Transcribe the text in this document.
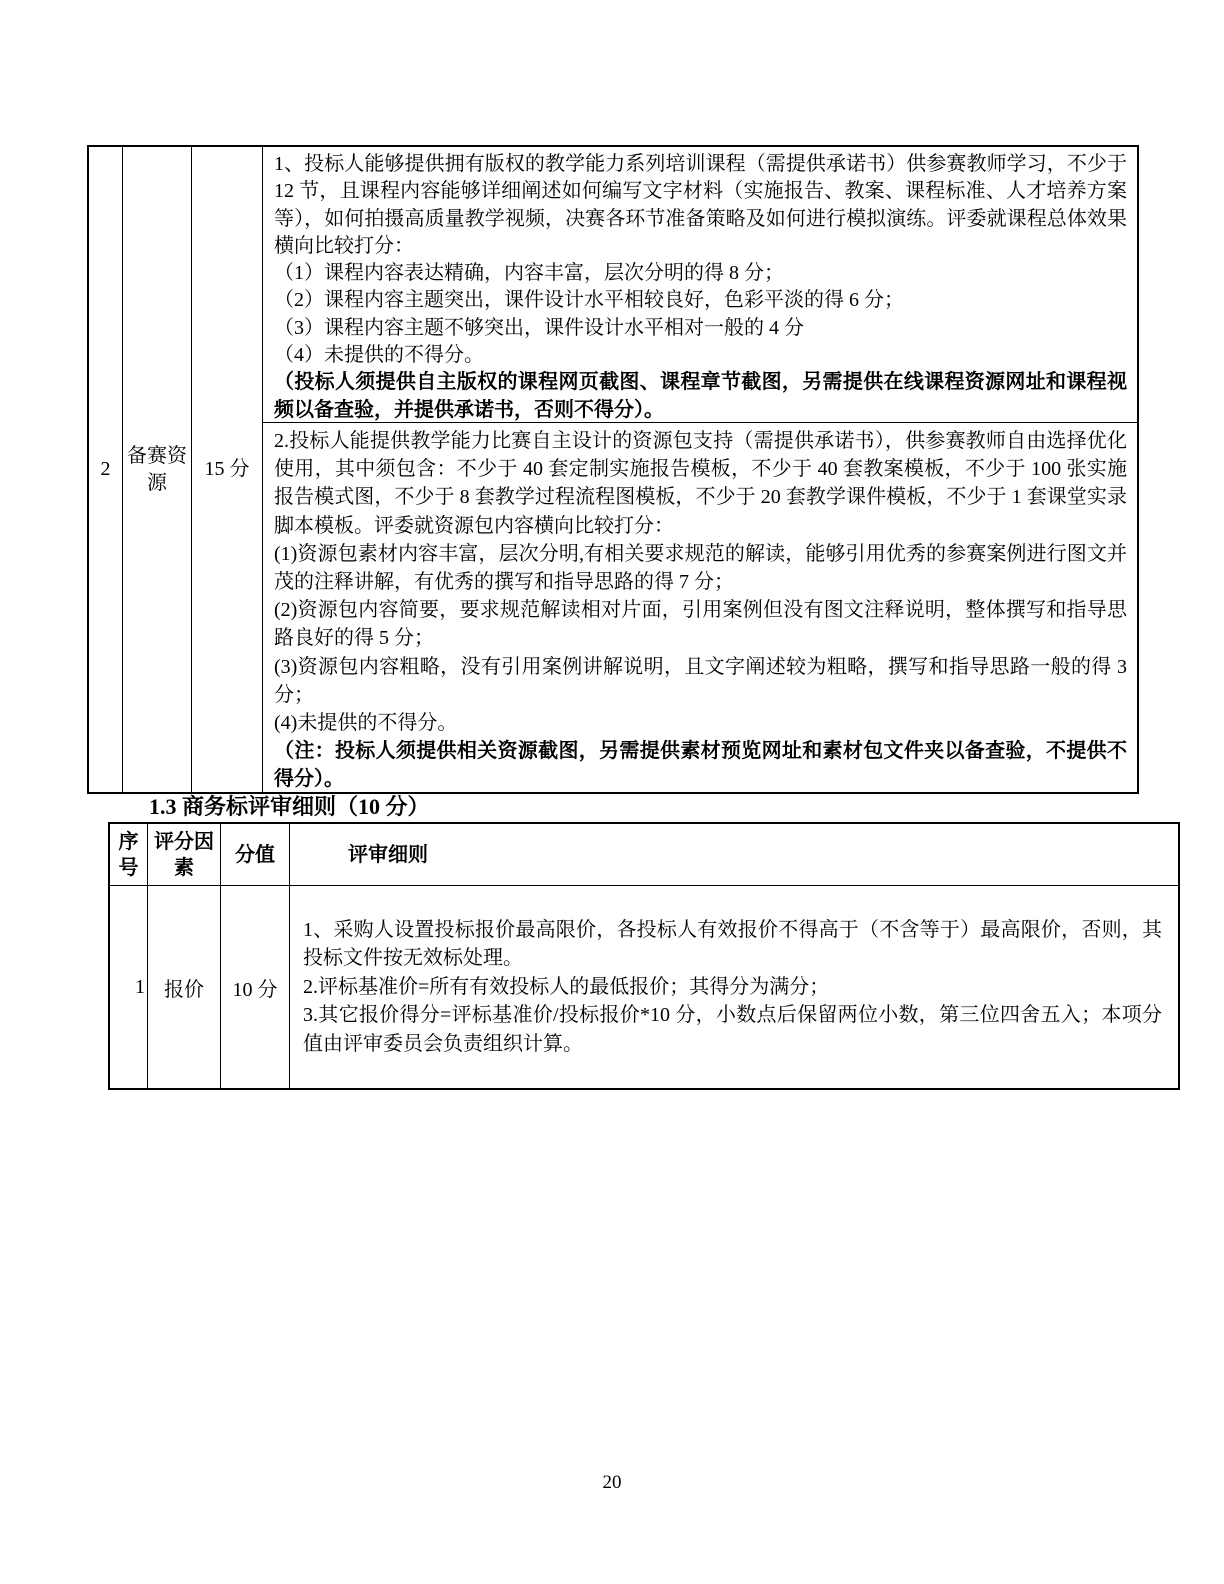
2
备赛资源
15 分

1、投标人能够提供拥有版权的教学能力系列培训课程（需提供承诺书）供参赛教师学习，不少于 12 节，且课程内容能够详细阐述如何编写文字材料（实施报告、教案、课程标准、人才培养方案等），如何拍摄高质量教学视频，决赛各环节准备策略及如何进行模拟演练。评委就课程总体效果横向比较打分：

（1）课程内容表达精确，内容丰富，层次分明的得 8 分；

（2）课程内容主题突出，课件设计水平相较良好，色彩平淡的得 6 分；

（3）课程内容主题不够突出，课件设计水平相对一般的 4 分

（4）未提供的不得分。

（投标人须提供自主版权的课程网页截图、课程章节截图，另需提供在线课程资源网址和课程视频以备查验，并提供承诺书，否则不得分）。

2.投标人能提供教学能力比赛自主设计的资源包支持（需提供承诺书），供参赛教师自由选择优化使用，其中须包含：不少于 40 套定制实施报告模板，不少于 40 套教案模板，不少于 100 张实施报告模式图，不少于 8 套教学过程流程图模板，不少于 20 套教学课件模板，不少于 1 套课堂实录脚本模板。评委就资源包内容横向比较打分：

(1)资源包素材内容丰富，层次分明,有相关要求规范的解读，能够引用优秀的参赛案例进行图文并茂的注释讲解，有优秀的撰写和指导思路的得 7 分；

(2)资源包内容简要，要求规范解读相对片面，引用案例但没有图文注释说明，整体撰写和指导思路良好的得 5 分；

(3)资源包内容粗略，没有引用案例讲解说明，且文字阐述较为粗略，撰写和指导思路一般的得 3 分；

(4)未提供的不得分。

（注：投标人须提供相关资源截图，另需提供素材预览网址和素材包文件夹以备查验，不提供不得分）。

1.3 商务标评审细则（10 分）
序号
评分因素
分值	评审细则
1 报价 10 分

1、采购人设置投标报价最高限价，各投标人有效报价不得高于（不含等于）最高限价，否则，其投标文件按无效标处理。

2.评标基准价=所有有效投标人的最低报价；其得分为满分；

3.其它报价得分=评标基准价/投标报价*10 分，小数点后保留两位小数，第三位四舍五入；本项分值由评审委员会负责组织计算。

20
